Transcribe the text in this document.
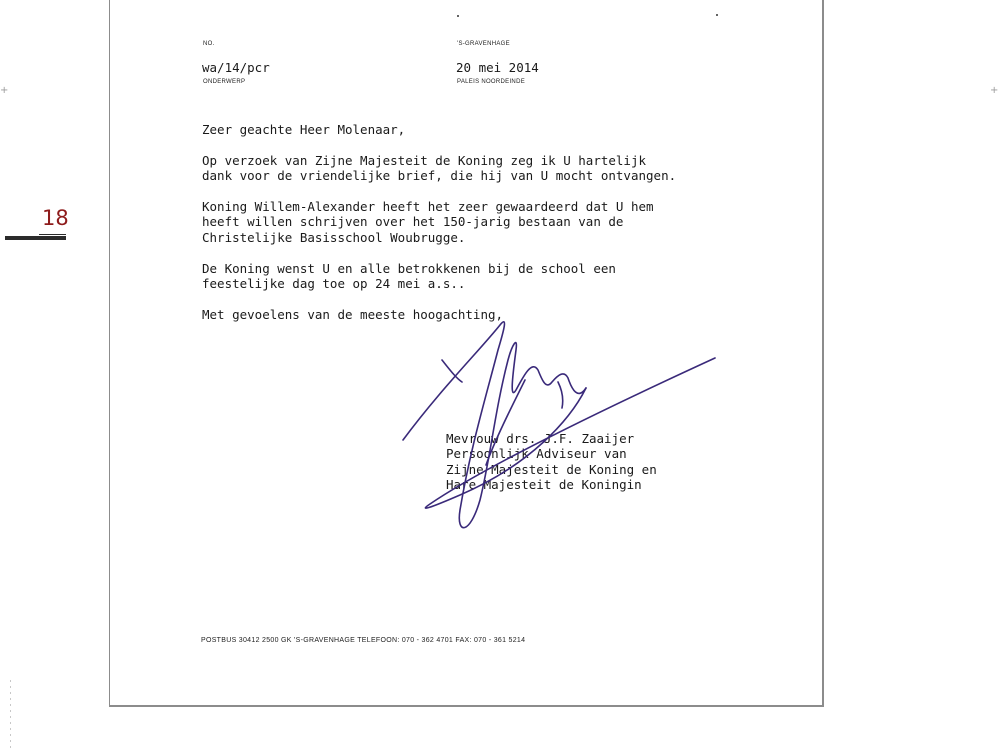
+	+
18
NO.	'S-GRAVENHAGE
wa/14/pcr	20 mei 2014
ONDERWERP	PALEIS NOORDEINDE
Zeer geachte Heer Molenaar,
Op verzoek van Zijne Majesteit de Koning zeg ik U hartelijk
dank voor de vriendelijke brief, die hij van U mocht ontvangen.
Koning Willem-Alexander heeft het zeer gewaardeerd dat U hem
heeft willen schrijven over het 150-jarig bestaan van de
Christelijke Basisschool Woubrugge.
De Koning wenst U en alle betrokkenen bij de school een
feestelijke dag toe op 24 mei a.s..
Met gevoelens van de meeste hoogachting,
Mevrouw drs. J.F. Zaaijer
Persoonlijk Adviseur van
Zijne Majesteit de Koning en
Hare Majesteit de Koningin
POSTBUS 30412 2500 GK 'S-GRAVENHAGE TELEFOON: 070 - 362 4701 FAX: 070 - 361 5214
